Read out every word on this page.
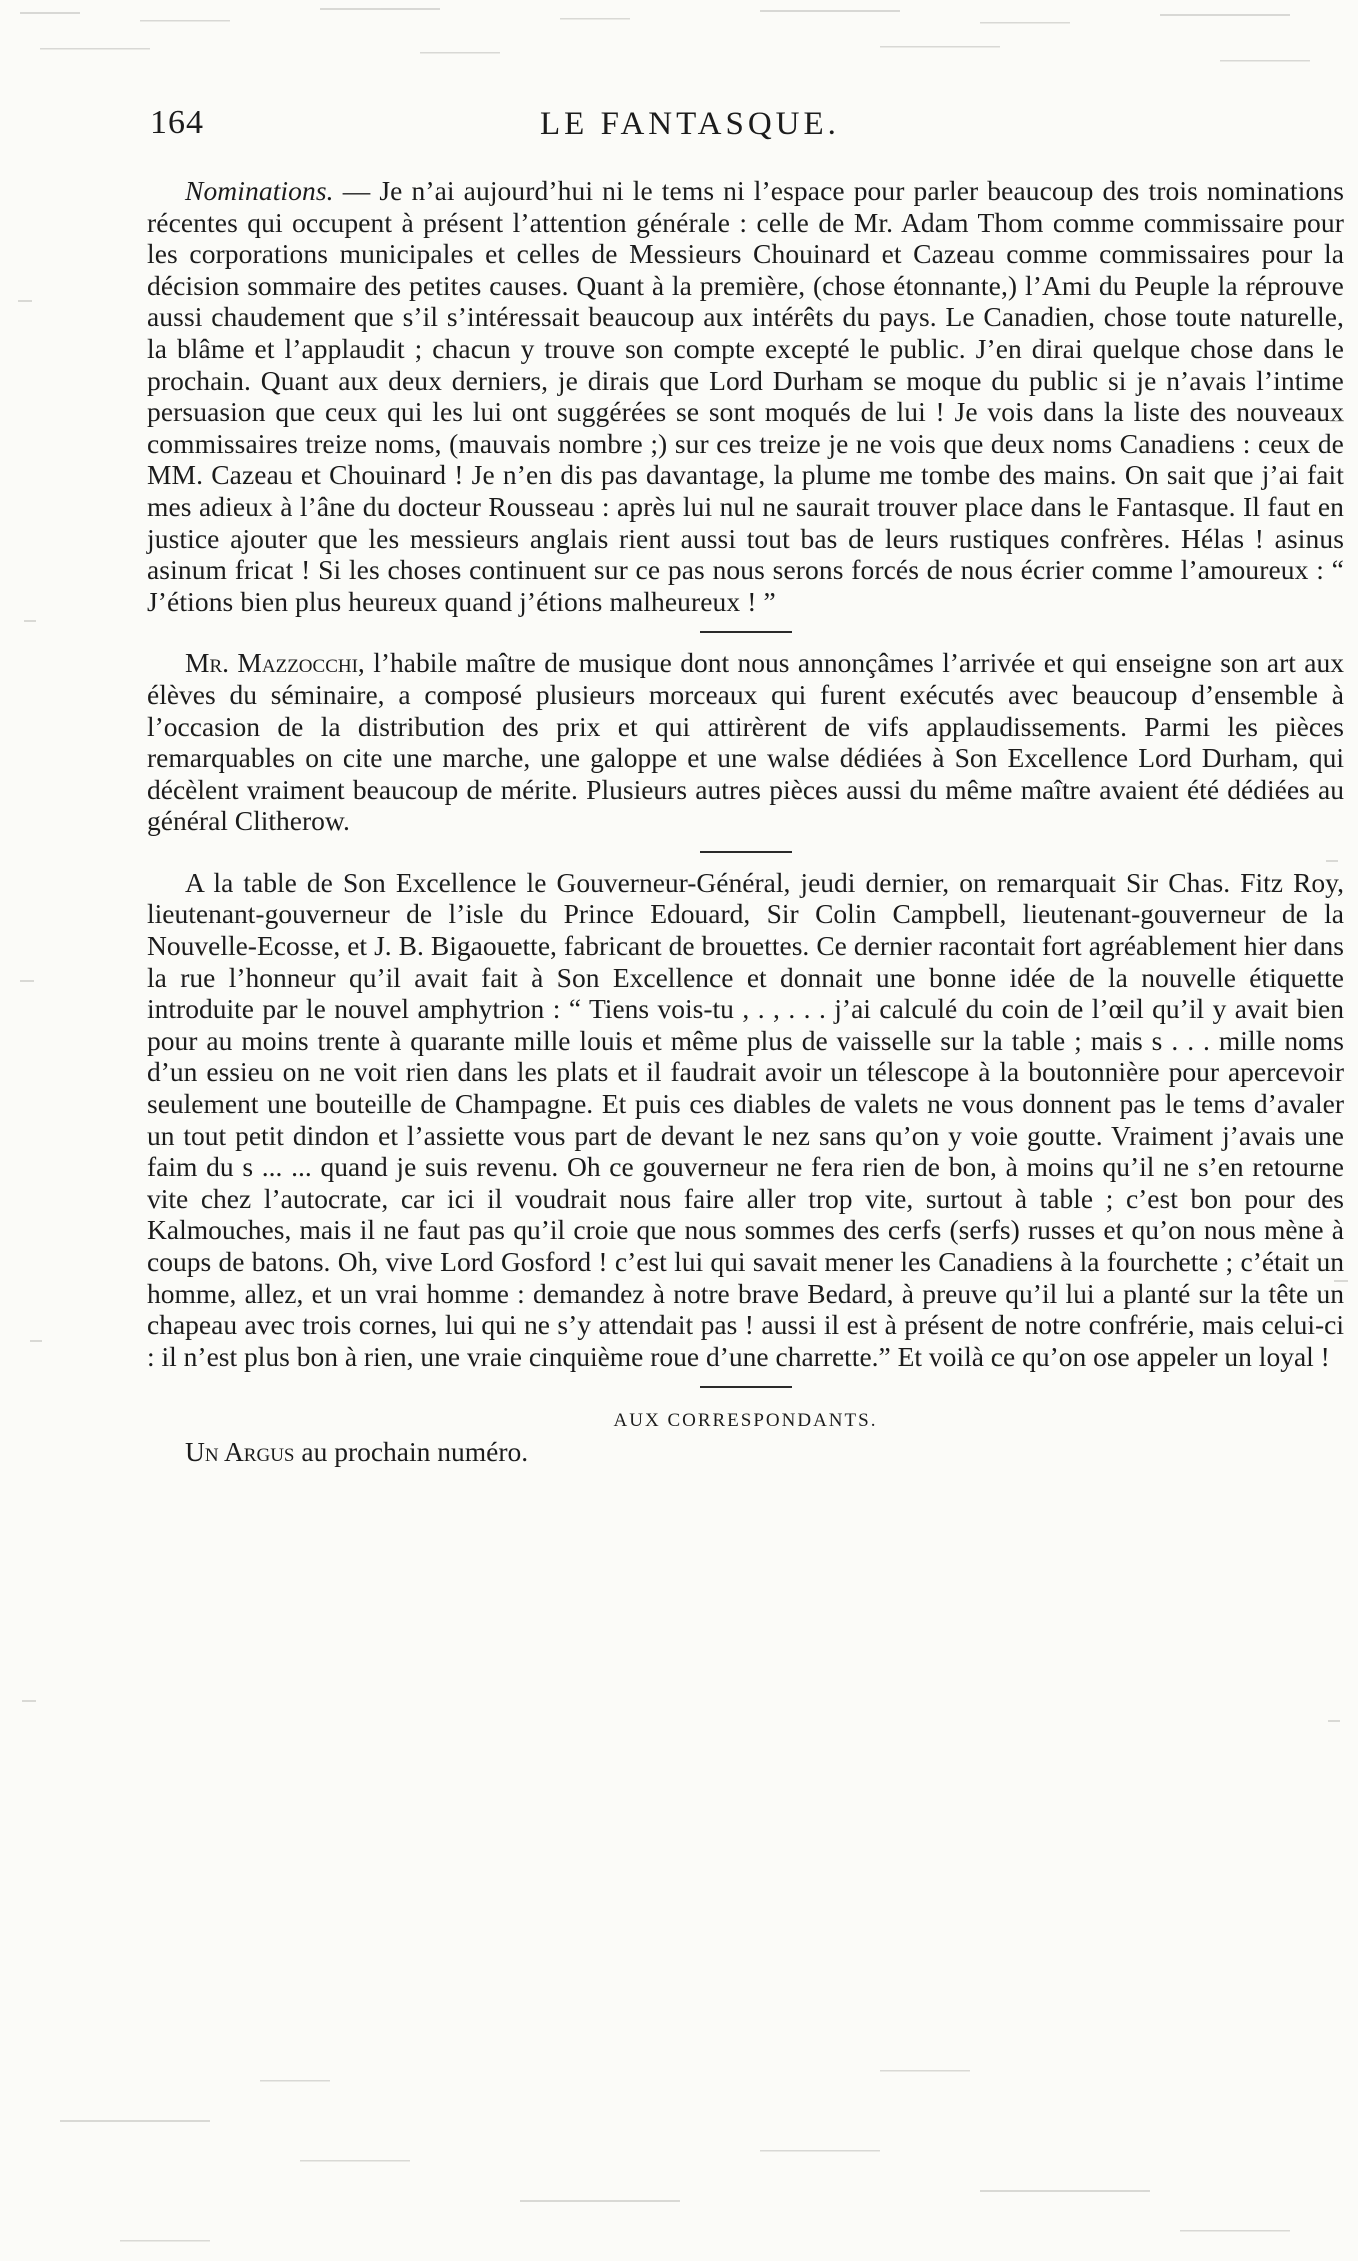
164	LE FANTASQUE.

Nominations. — Je n’ai aujourd’hui ni le tems ni l’espace pour parler beaucoup des trois nominations récentes qui occupent à présent l’attention générale : celle de Mr. Adam Thom comme commissaire pour les corporations municipales et celles de Messieurs Chouinard et Cazeau comme commissaires pour la décision sommaire des petites causes. Quant à la première, (chose étonnante,) l’Ami du Peuple la réprouve aussi chaudement que s’il s’intéressait beaucoup aux intérêts du pays. Le Canadien, chose toute naturelle, la blâme et l’applaudit ; chacun y trouve son compte excepté le public. J’en dirai quelque chose dans le prochain. Quant aux deux derniers, je dirais que Lord Durham se moque du public si je n’avais l’intime persuasion que ceux qui les lui ont suggérées se sont moqués de lui ! Je vois dans la liste des nouveaux commissaires treize noms, (mauvais nombre ;) sur ces treize je ne vois que deux noms Canadiens : ceux de MM. Cazeau et Chouinard ! Je n’en dis pas davantage, la plume me tombe des mains. On sait que j’ai fait mes adieux à l’âne du docteur Rousseau : après lui nul ne saurait trouver place dans le Fantasque. Il faut en justice ajouter que les messieurs anglais rient aussi tout bas de leurs rustiques confrères. Hélas ! asinus asinum fricat ! Si les choses continuent sur ce pas nous serons forcés de nous écrier comme l’amoureux : “ J’étions bien plus heureux quand j’étions malheureux ! ”

Mr. Mazzocchi, l’habile maître de musique dont nous annonçâmes l’arrivée et qui enseigne son art aux élèves du séminaire, a composé plusieurs morceaux qui furent exécutés avec beaucoup d’ensemble à l’occasion de la distribution des prix et qui attirèrent de vifs applaudissements. Parmi les pièces remarquables on cite une marche, une galoppe et une walse dédiées à Son Excellence Lord Durham, qui décèlent vraiment beaucoup de mérite. Plusieurs autres pièces aussi du même maître avaient été dédiées au général Clitherow.

A la table de Son Excellence le Gouverneur-Général, jeudi dernier, on remarquait Sir Chas. Fitz Roy, lieutenant-gouverneur de l’isle du Prince Edouard, Sir Colin Campbell, lieutenant-gouverneur de la Nouvelle-Ecosse, et J. B. Bigaouette, fabricant de brouettes. Ce dernier racontait fort agréablement hier dans la rue l’honneur qu’il avait fait à Son Excellence et donnait une bonne idée de la nouvelle étiquette introduite par le nouvel amphytrion : “ Tiens vois-tu , . , . . . j’ai calculé du coin de l’œil qu’il y avait bien pour au moins trente à quarante mille louis et même plus de vaisselle sur la table ; mais s . . . mille noms d’un essieu on ne voit rien dans les plats et il faudrait avoir un télescope à la boutonnière pour apercevoir seulement une bouteille de Champagne. Et puis ces diables de valets ne vous donnent pas le tems d’avaler un tout petit dindon et l’assiette vous part de devant le nez sans qu’on y voie goutte. Vraiment j’avais une faim du s ... ... quand je suis revenu. Oh ce gouverneur ne fera rien de bon, à moins qu’il ne s’en retourne vite chez l’autocrate, car ici il voudrait nous faire aller trop vite, surtout à table ; c’est bon pour des Kalmouches, mais il ne faut pas qu’il croie que nous sommes des cerfs (serfs) russes et qu’on nous mène à coups de batons. Oh, vive Lord Gosford ! c’est lui qui savait mener les Canadiens à la fourchette ; c’était un homme, allez, et un vrai homme : demandez à notre brave Bedard, à preuve qu’il lui a planté sur la tête un chapeau avec trois cornes, lui qui ne s’y attendait pas ! aussi il est à présent de notre confrérie, mais celui-ci : il n’est plus bon à rien, une vraie cinquième roue d’une charrette.” Et voilà ce qu’on ose appeler un loyal !

AUX CORRESPONDANTS.

Un Argus au prochain numéro.
